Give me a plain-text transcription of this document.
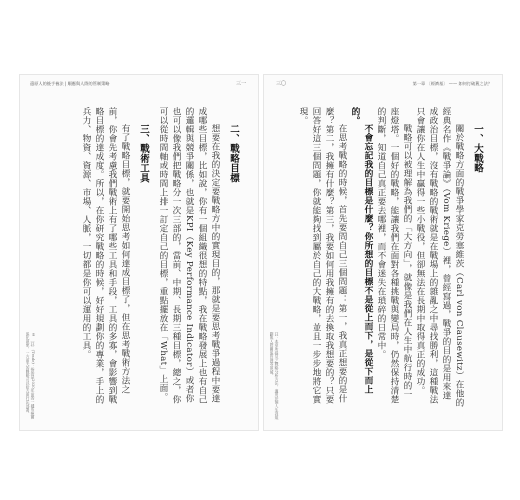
還原人的後手養法 | 順應與人際的管制策略	三一

二、戰略目標

想要在我的決定要戰略方中的實現目的，那就是要思考戰爭過程中要達成哪些目標，比如說，你有一個組織很想的特點，我在戰略發展上也有自己的邏輯與競爭關係，也就是KPI（Key Performance Indicator）或者你也可以像我們把戰略分一次三部的，當前、中期、長期三種目標，總之，你可以從時間軸或時間上排一訂定自己的目標，重點擺放在「What」上面。

三、戰術工具

有了戰略目標，就要開始思考如何達成目標了，但在思考戰術方法之前，你會先考慮我們戰術上有了哪些工具和手段，工具的多寡，會影響到戰略目標的達成度。所以，在你研究戰略的時候，好好規劃你的專業，手上的兵力、物資、資源、市場、人脈，一切都是你可以運用的工具。

① 〔註〕(Trade)：指的是2030年前的一種系統關係化現象，一方面大的戰略可以給方面打法部署。
三〇	第一章 〔經濟基〕 —— 如何打破舊之法？

一、大戰略

關於戰略方面的戰爭學家克勞塞維茨（Carl von Clausewitz）在他的經典名作《戰爭論》（Vom Kriege）裡，曾經寫過，戰爭的目的是用來達成政治目標，沒有戰略的戰術就是在戰場上的雜亂之中尋找勝利，這種戰法只會讓你在人生中贏得一些小戰役，但卻無法在長期中取得真正的成功。

戰略可以被理解為我們的「大方向」，就像是我們在人生中航行時的一座燈塔。一個好的戰略，能讓我們在面對各種挑戰與變局時，仍然保持清楚的判斷，知道自己真正要去哪裡，而不會迷失在瑣碎的日常中。

不會忘記我的目標是什麼？你所想的目標不是從上而下，是從下而上的。

在思考戰略的時候，首先要問自己三個問題：第一，我真正想要的是什麼？第二，我擁有什麼？第三，我要如何用我擁有的去換取我想要的？只要回答好這三個問題，你就能夠找到屬於自己的大戰略，並且一步步地將它實現。

註：本章所提及之戰略分析方法，適用於個人生涯規劃與人際關係管理等領域。
